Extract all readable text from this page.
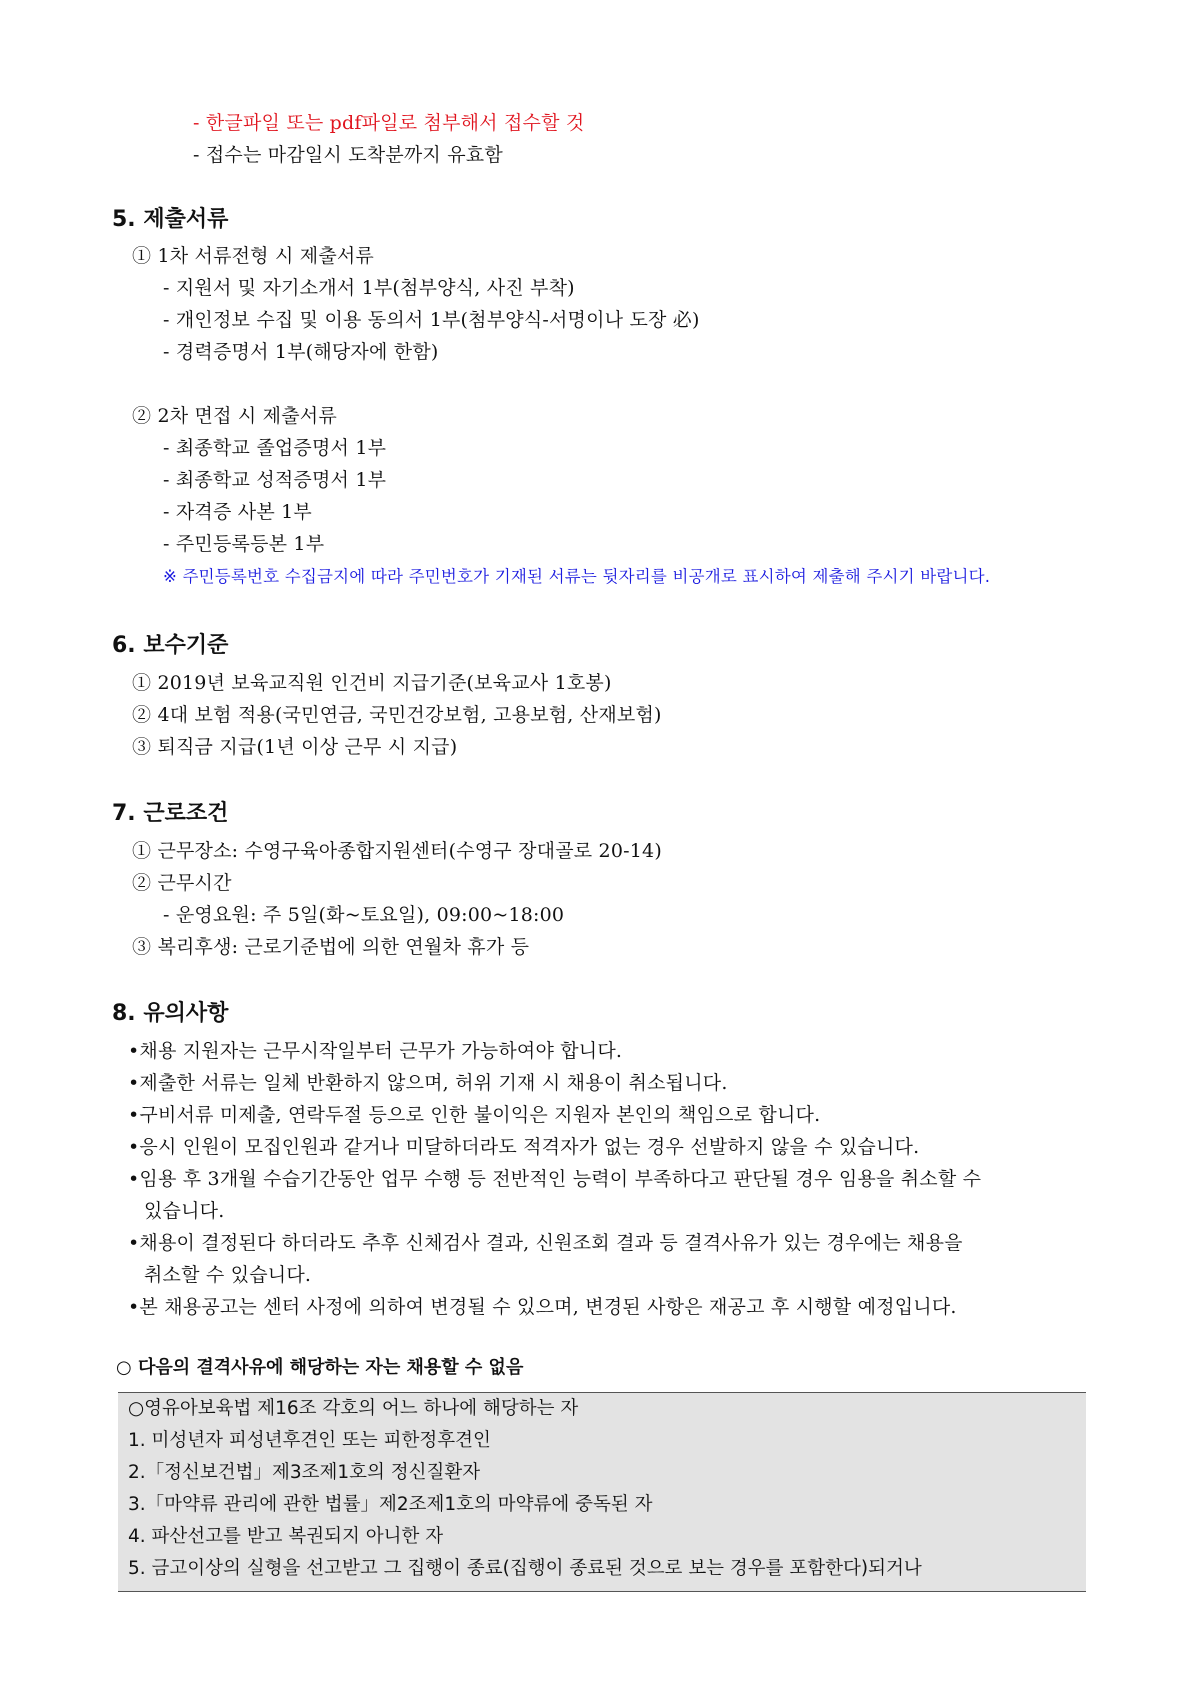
- 한글파일 또는 pdf파일로 첨부해서 접수할 것
- 접수는 마감일시 도착분까지 유효함
5. 제출서류
① 1차 서류전형 시 제출서류
- 지원서 및 자기소개서 1부(첨부양식, 사진 부착)
- 개인정보 수집 및 이용 동의서 1부(첨부양식-서명이나 도장 必)
- 경력증명서 1부(해당자에 한함)
② 2차 면접 시 제출서류
- 최종학교 졸업증명서 1부
- 최종학교 성적증명서 1부
- 자격증 사본 1부
- 주민등록등본 1부
※ 주민등록번호 수집금지에 따라 주민번호가 기재된 서류는 뒷자리를 비공개로 표시하여 제출해 주시기 바랍니다.
6. 보수기준
① 2019년 보육교직원 인건비 지급기준(보육교사 1호봉)
② 4대 보험 적용(국민연금, 국민건강보험, 고용보험, 산재보험)
③ 퇴직금 지급(1년 이상 근무 시 지급)
7. 근로조건
① 근무장소: 수영구육아종합지원센터(수영구 장대골로 20-14)
② 근무시간
- 운영요원: 주 5일(화~토요일), 09:00~18:00
③ 복리후생: 근로기준법에 의한 연월차 휴가 등
8. 유의사항
•채용 지원자는 근무시작일부터 근무가 가능하여야 합니다.
•제출한 서류는 일체 반환하지 않으며, 허위 기재 시 채용이 취소됩니다.
•구비서류 미제출, 연락두절 등으로 인한 불이익은 지원자 본인의 책임으로 합니다.
•응시 인원이 모집인원과 같거나 미달하더라도 적격자가 없는 경우 선발하지 않을 수 있습니다.
•임용 후 3개월 수습기간동안 업무 수행 등 전반적인 능력이 부족하다고 판단될 경우 임용을 취소할 수
있습니다.
•채용이 결정된다 하더라도 추후 신체검사 결과, 신원조회 결과 등 결격사유가 있는 경우에는 채용을
취소할 수 있습니다.
•본 채용공고는 센터 사정에 의하여 변경될 수 있으며, 변경된 사항은 재공고 후 시행할 예정입니다.
○ 다음의 결격사유에 해당하는 자는 채용할 수 없음
○영유아보육법 제16조 각호의 어느 하나에 해당하는 자
1. 미성년자 피성년후견인 또는 피한정후견인
2.「정신보건법」제3조제1호의 정신질환자
3.「마약류 관리에 관한 법률」제2조제1호의 마약류에 중독된 자
4. 파산선고를 받고 복권되지 아니한 자
5. 금고이상의 실형을 선고받고 그 집행이 종료(집행이 종료된 것으로 보는 경우를 포함한다)되거나
